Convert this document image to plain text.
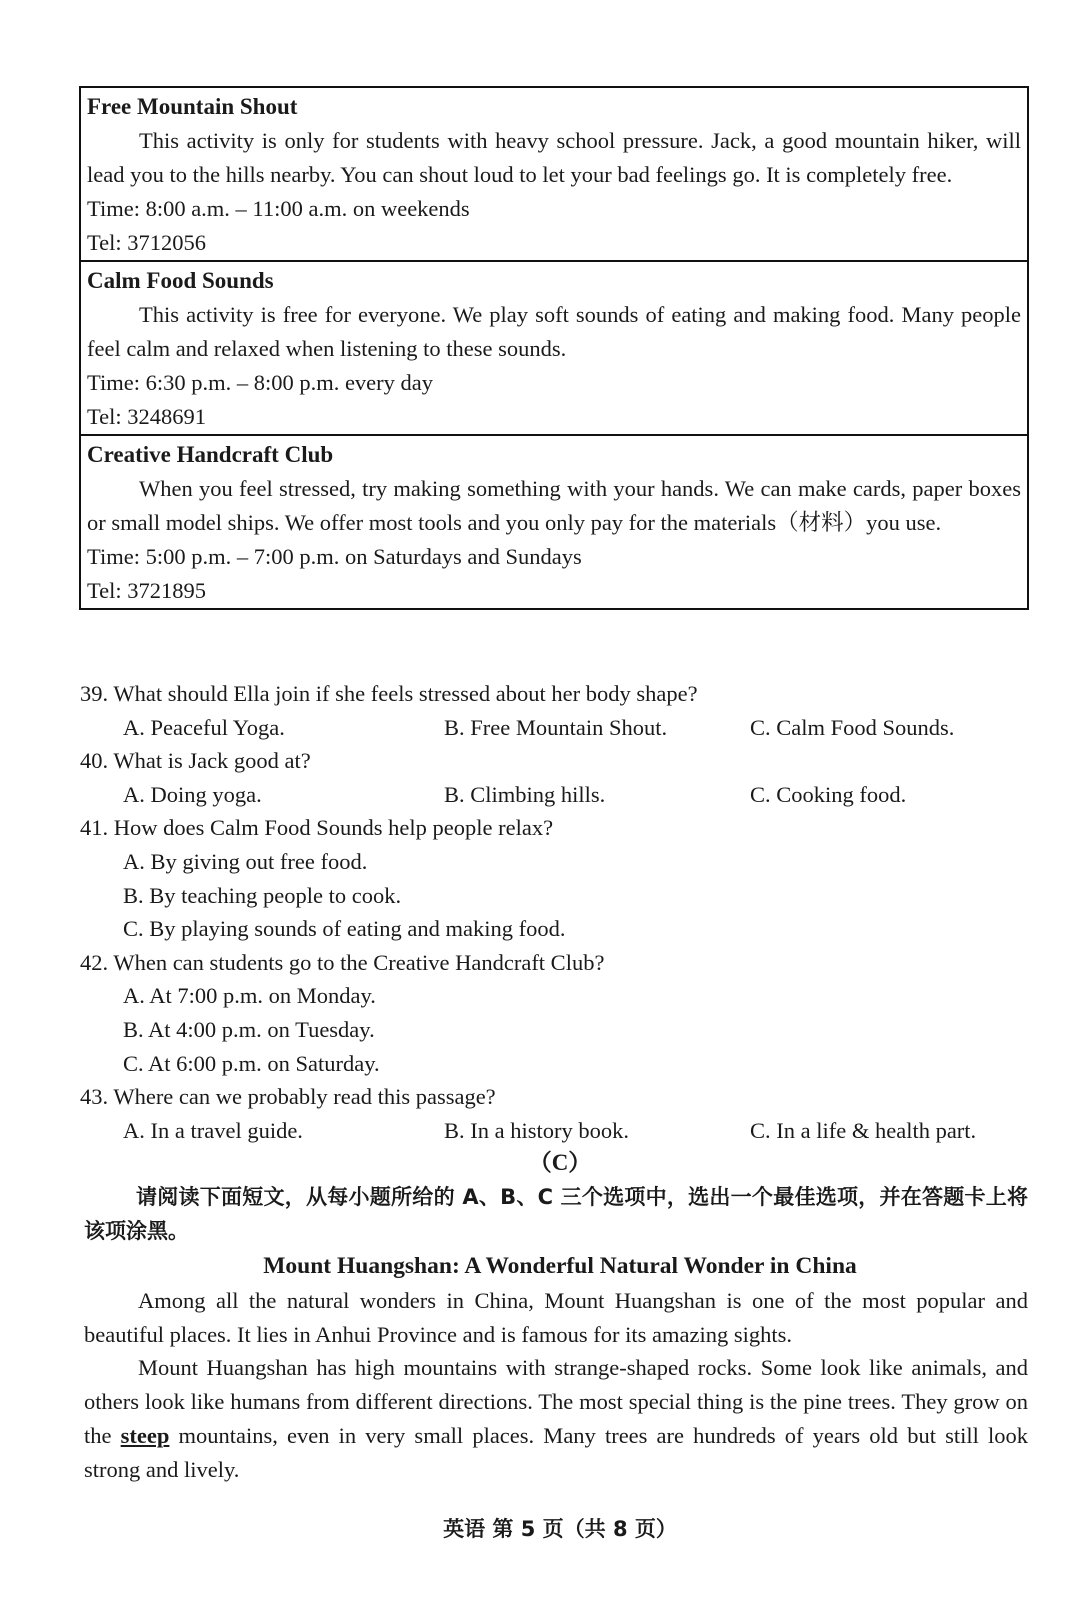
Free Mountain Shout
This activity is only for students with heavy school pressure. Jack, a good mountain hiker, will lead you to the hills nearby. You can shout loud to let your bad feelings go. It is completely free.
Time: 8:00 a.m. – 11:00 a.m. on weekends
Tel: 3712056
Calm Food Sounds
This activity is free for everyone. We play soft sounds of eating and making food. Many people feel calm and relaxed when listening to these sounds.
Time: 6:30 p.m. – 8:00 p.m. every day
Tel: 3248691
Creative Handcraft Club
When you feel stressed, try making something with your hands. We can make cards, paper boxes or small model ships. We offer most tools and you only pay for the materials（材料）you use.
Time: 5:00 p.m. – 7:00 p.m. on Saturdays and Sundays
Tel: 3721895
39. What should Ella join if she feels stressed about her body shape?
A. Peaceful Yoga.	B. Free Mountain Shout.	C. Calm Food Sounds.
40. What is Jack good at?
A. Doing yoga.	B. Climbing hills.	C. Cooking food.
41. How does Calm Food Sounds help people relax?
A. By giving out free food.
B. By teaching people to cook.
C. By playing sounds of eating and making food.
42. When can students go to the Creative Handcraft Club?
A. At 7:00 p.m. on Monday.
B. At 4:00 p.m. on Tuesday.
C. At 6:00 p.m. on Saturday.
43. Where can we probably read this passage?
A. In a travel guide.	B. In a history book.	C. In a life & health part.
（C）
请阅读下面短文，从每小题所给的 A、B、C 三个选项中，选出一个最佳选项，并在答题卡上将该项涂黑。
Mount Huangshan: A Wonderful Natural Wonder in China
Among all the natural wonders in China, Mount Huangshan is one of the most popular and beautiful places. It lies in Anhui Province and is famous for its amazing sights.
Mount Huangshan has high mountains with strange-shaped rocks. Some look like animals, and others look like humans from different directions. The most special thing is the pine trees. They grow on the steep mountains, even in very small places. Many trees are hundreds of years old but still look strong and lively.
英语 第 5 页（共 8 页）
